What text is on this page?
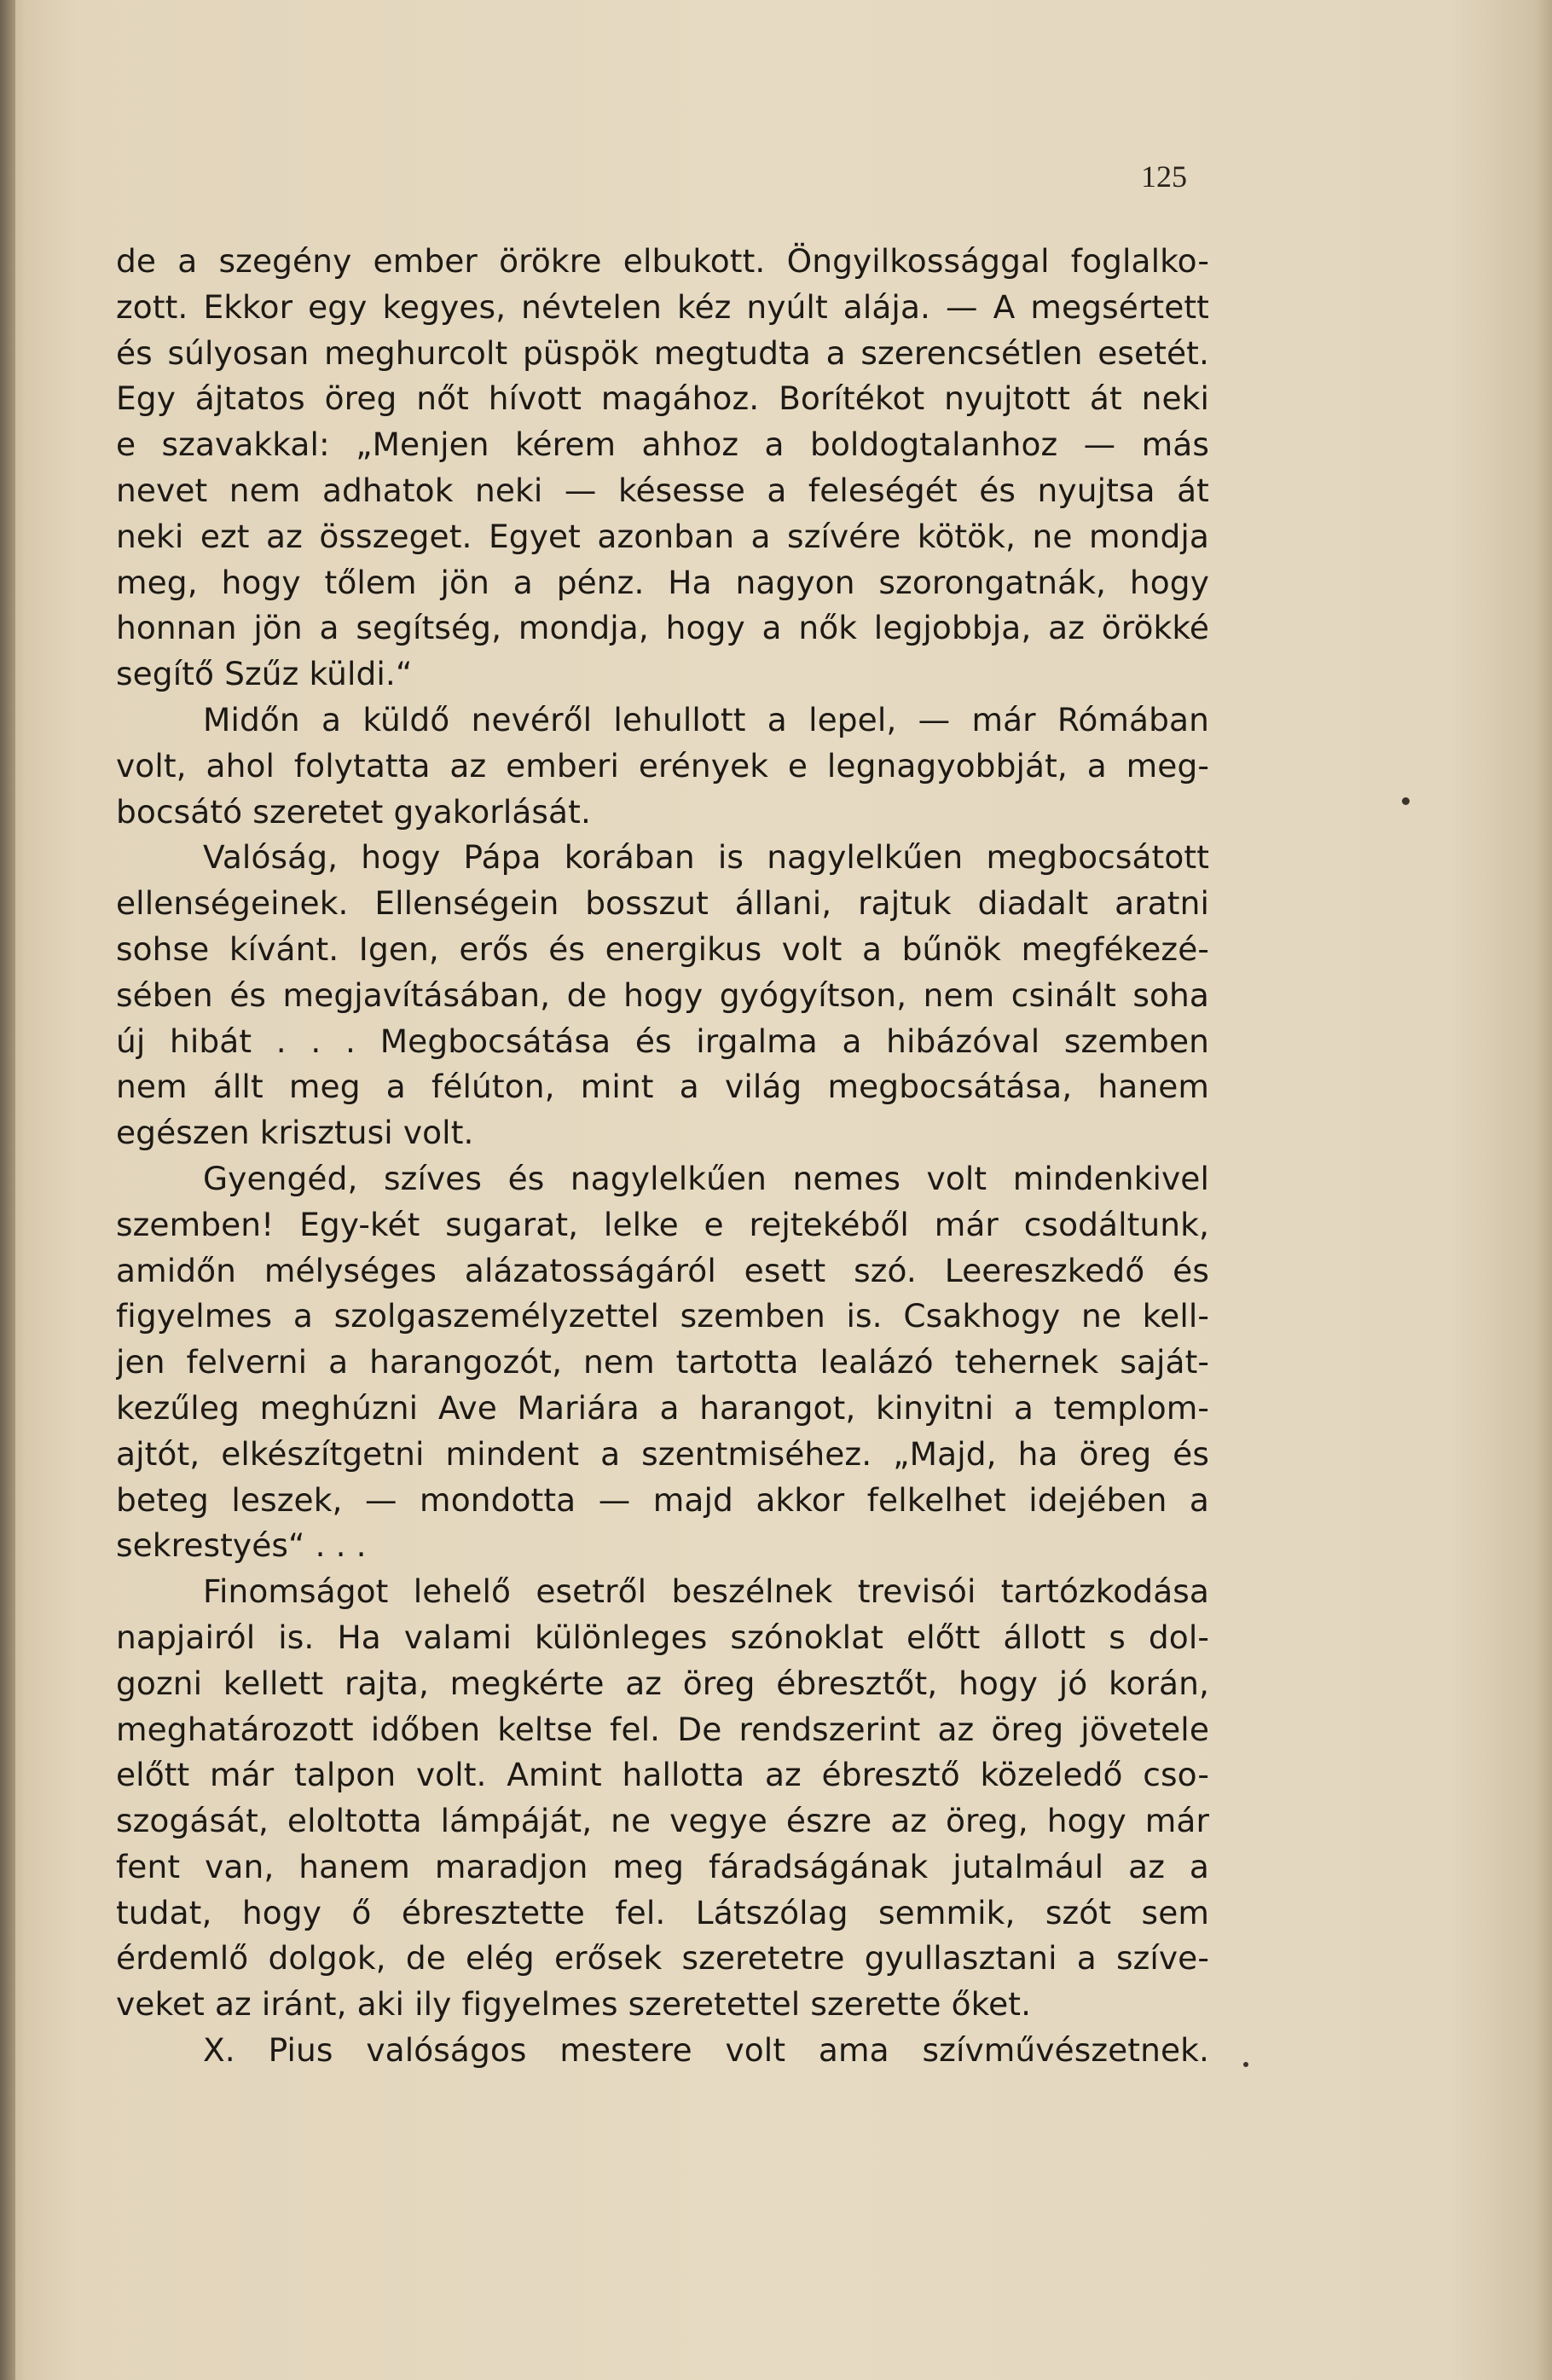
125
de a szegény ember örökre elbukott. Öngyilkossággal foglalko-
zott. Ekkor egy kegyes, névtelen kéz nyúlt alája. — A megsértett
és súlyosan meghurcolt püspök megtudta a szerencsétlen esetét.
Egy ájtatos öreg nőt hívott magához. Borítékot nyujtott át neki
e szavakkal: „Menjen kérem ahhoz a boldogtalanhoz — más
nevet nem adhatok neki — késesse a feleségét és nyujtsa át
neki ezt az összeget. Egyet azonban a szívére kötök, ne mondja
meg, hogy tőlem jön a pénz. Ha nagyon szorongatnák, hogy
honnan jön a segítség, mondja, hogy a nők legjobbja, az örökké
segítő Szűz küldi.“
Midőn a küldő nevéről lehullott a lepel, — már Rómában
volt, ahol folytatta az emberi erények e legnagyobbját, a meg-
bocsátó szeretet gyakorlását.
Valóság, hogy Pápa korában is nagylelkűen megbocsátott
ellenségeinek. Ellenségein bosszut állani, rajtuk diadalt aratni
sohse kívánt. Igen, erős és energikus volt a bűnök megfékezé-
sében és megjavításában, de hogy gyógyítson, nem csinált soha
új hibát . . . Megbocsátása és irgalma a hibázóval szemben
nem állt meg a félúton, mint a világ megbocsátása, hanem
egészen krisztusi volt.
Gyengéd, szíves és nagylelkűen nemes volt mindenkivel
szemben! Egy-két sugarat, lelke e rejtekéből már csodáltunk,
amidőn mélységes alázatosságáról esett szó. Leereszkedő és
figyelmes a szolgaszemélyzettel szemben is. Csakhogy ne kell-
jen felverni a harangozót, nem tartotta lealázó tehernek saját-
kezűleg meghúzni Ave Mariára a harangot, kinyitni a templom-
ajtót, elkészítgetni mindent a szentmiséhez. „Majd, ha öreg és
beteg leszek, — mondotta — majd akkor felkelhet idejében a
sekrestyés“ . . .
Finomságot lehelő esetről beszélnek trevisói tartózkodása
napjairól is. Ha valami különleges szónoklat előtt állott s dol-
gozni kellett rajta, megkérte az öreg ébresztőt, hogy jó korán,
meghatározott időben keltse fel. De rendszerint az öreg jövetele
előtt már talpon volt. Amint hallotta az ébresztő közeledő cso-
szogását, eloltotta lámpáját, ne vegye észre az öreg, hogy már
fent van, hanem maradjon meg fáradságának jutalmául az a
tudat, hogy ő ébresztette fel. Látszólag semmik, szót sem
érdemlő dolgok, de elég erősek szeretetre gyullasztani a szíve-
veket az iránt, aki ily figyelmes szeretettel szerette őket.
X. Pius valóságos mestere volt ama szívművészetnek.
